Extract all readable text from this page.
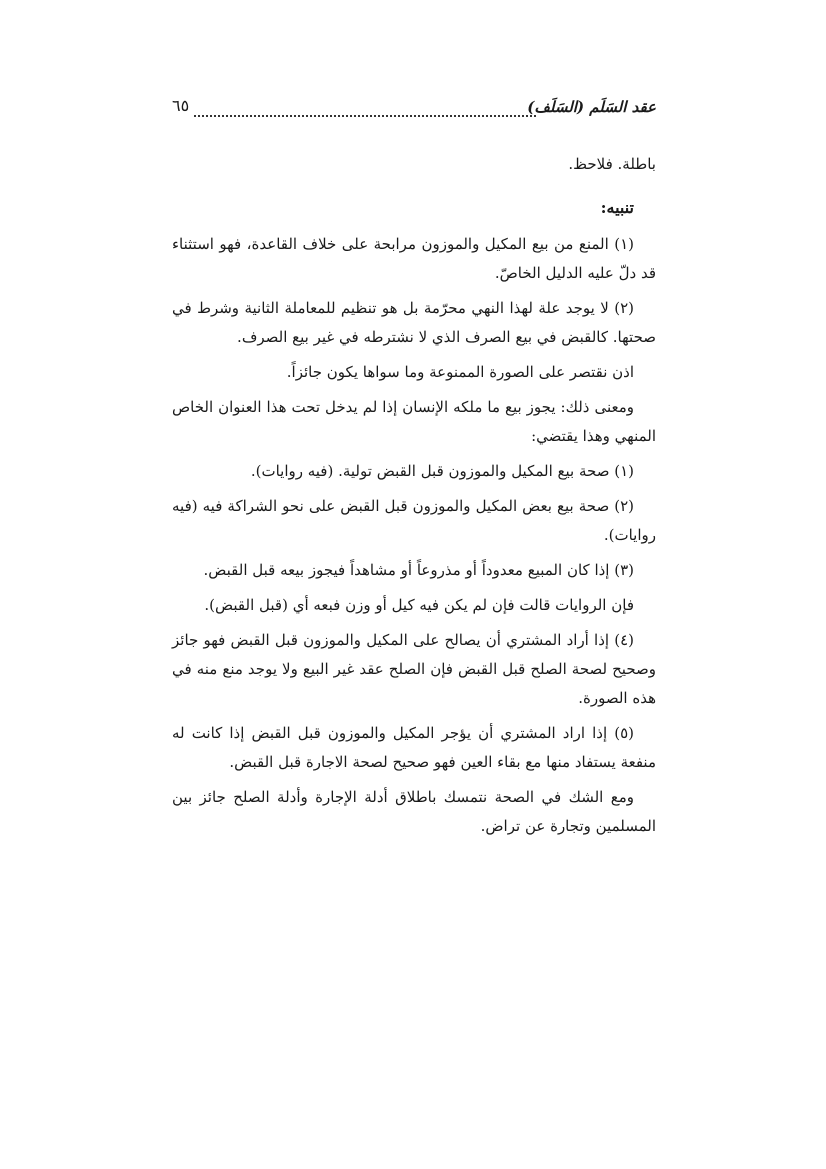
عقد السَلَم (السَلَف)
٦٥

باطلة. فلاحظ.

تنبيه:

(١) المنع من بيع المكيل والموزون مرابحة على خلاف القاعدة، فهو استثناء قد دلّ عليه الدليل الخاصّ.

(٢) لا يوجد علة لهذا النهي محرّمة بل هو تنظيم للمعاملة الثانية وشرط في صحتها. كالقبض في بيع الصرف الذي لا نشترطه في غير بيع الصرف.

اذن نقتصر على الصورة الممنوعة وما سواها يكون جائزاً.

ومعنى ذلك: يجوز بيع ما ملكه الإنسان إذا لم يدخل تحت هذا العنوان الخاص المنهي وهذا يقتضي:

(١) صحة بيع المكيل والموزون قبل القبض تولية. (فيه روايات).

(٢) صحة بيع بعض المكيل والموزون قبل القبض على نحو الشراكة فيه (فيه روايات).

(٣) إذا كان المبيع معدوداً أو مذروعاً أو مشاهداً فيجوز بيعه قبل القبض.

فإن الروايات قالت فإن لم يكن فيه كيل أو وزن فبعه أي (قبل القبض).

(٤) إذا أراد المشتري أن يصالح على المكيل والموزون قبل القبض فهو جائز وصحيح لصحة الصلح قبل القبض فإن الصلح عقد غير البيع ولا يوجد منع منه في هذه الصورة.

(٥) إذا اراد المشتري أن يؤجر المكيل والموزون قبل القبض إذا كانت له منفعة يستفاد منها مع بقاء العين فهو صحيح لصحة الاجارة قبل القبض.

ومع الشك في الصحة نتمسك باطلاق أدلة الإجارة وأدلة الصلح جائز بين المسلمين وتجارة عن تراض.
